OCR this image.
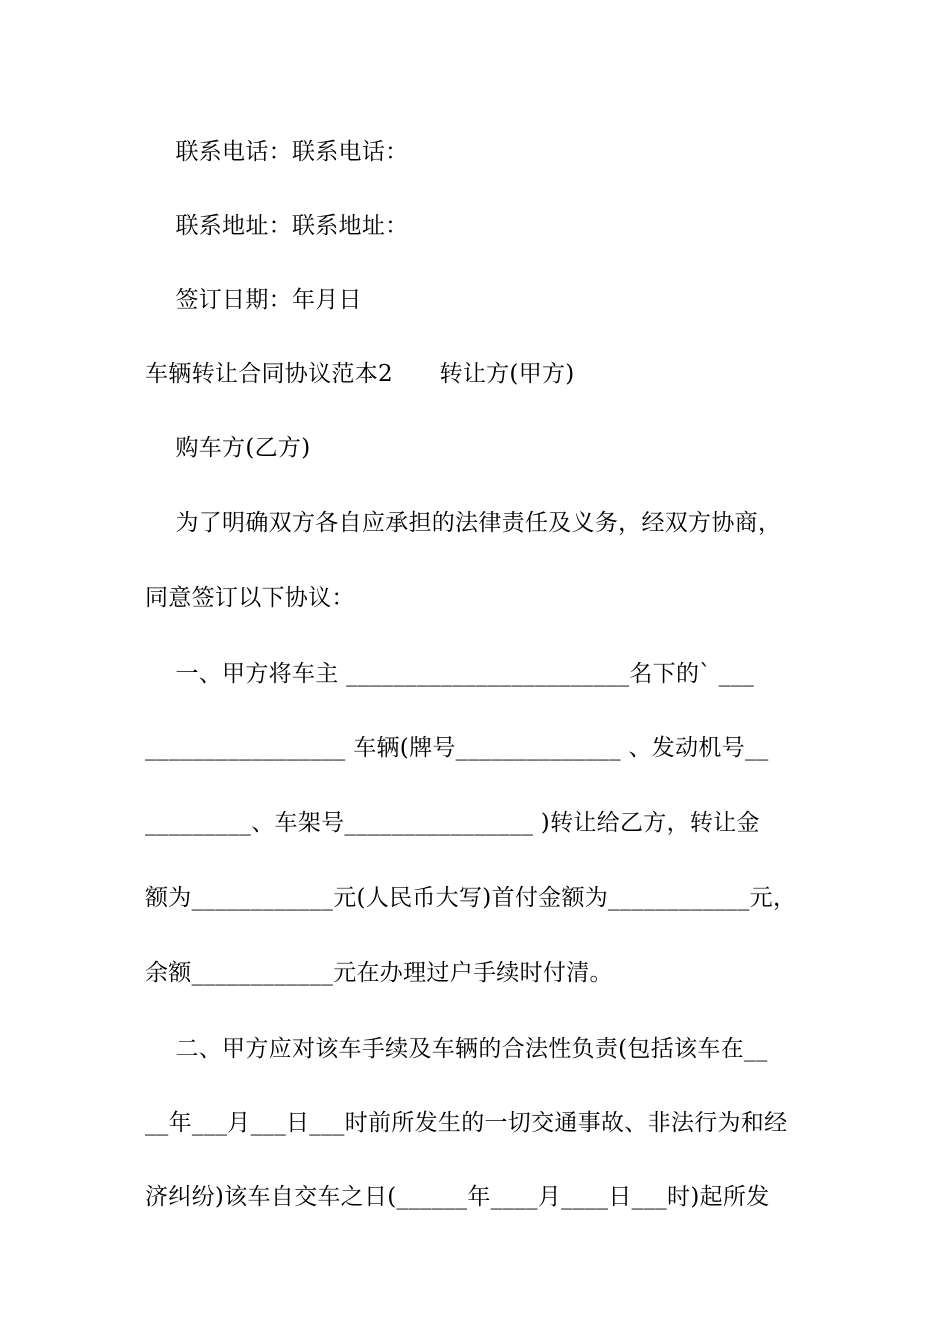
联系电话：联系电话：
联系地址：联系地址：
签订日期：年月日
车辆转让合同协议范本2　　转让方(甲方)
购车方(乙方)
为了明确双方各自应承担的法律责任及义务，经双方协商，
同意签订以下协议：
一、甲方将车主 ________________________名下的` ___
_________________ 车辆(牌号______________ 、发动机号__
_________、车架号________________ )转让给乙方，转让金
额为____________元(人民币大写)首付金额为____________元，
余额____________元在办理过户手续时付清。
二、甲方应对该车手续及车辆的合法性负责(包括该车在__
__年___月___日___时前所发生的一切交通事故、非法行为和经
济纠纷)该车自交车之日(______年____月____日___时)起所发
